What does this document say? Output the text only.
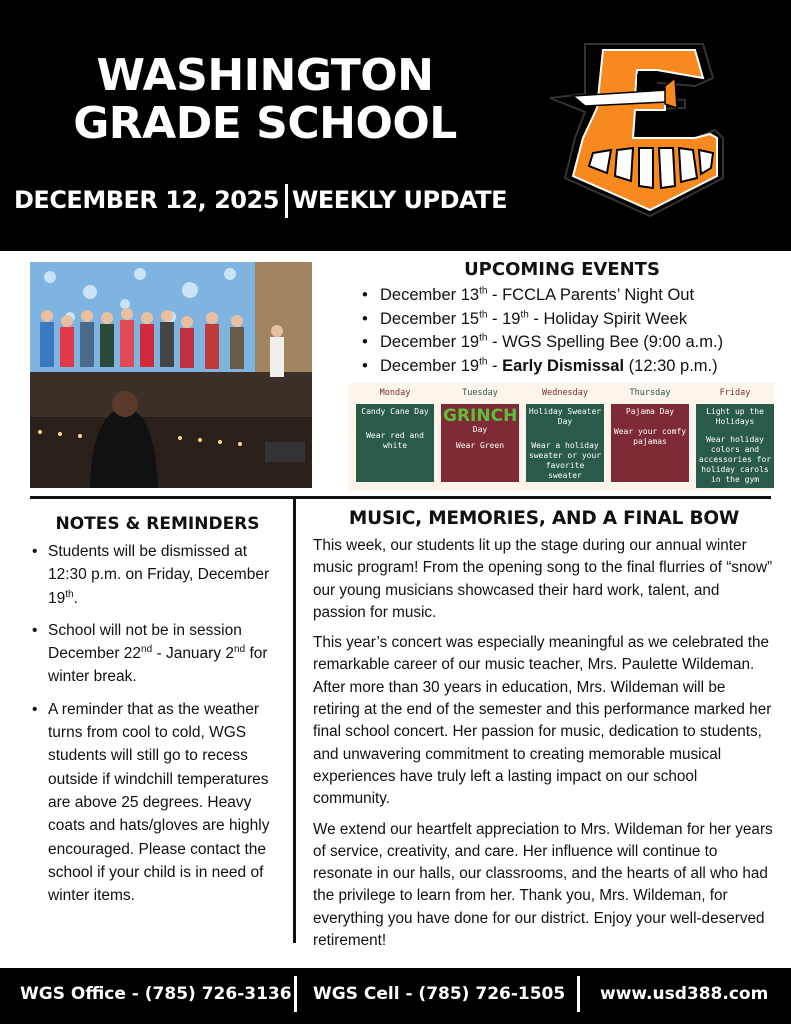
WASHINGTON
GRADE SCHOOL
DECEMBER 12, 2025 WEEKLY UPDATE
UPCOMING EVENTS
• December 13th - FCCLA Parents’ Night Out
• December 15th - 19th - Holiday Spirit Week
• December 19th - WGS Spelling Bee (9:00 a.m.)
• December 19th - Early Dismissal (12:30 p.m.)
Monday
Candy Cane Day
Wear red and white
Tuesday
GRINCH
Day
Wear Green
Wednesday
Holiday Sweater Day
Wear a holiday sweater or your favorite sweater
Thursday
Pajama Day
Wear your comfy pajamas
Friday
Light up the Holidays
Wear holiday colors and accessories for holiday carols in the gym
NOTES & REMINDERS
• Students will be dismissed at 12:30 p.m. on Friday, December 19th.
• School will not be in session December 22nd - January 2nd for winter break.
• A reminder that as the weather turns from cool to cold, WGS students will still go to recess outside if windchill temperatures are above 25 degrees. Heavy coats and hats/gloves are highly encouraged. Please contact the school if your child is in need of winter items.
MUSIC, MEMORIES, AND A FINAL BOW

This week, our students lit up the stage during our annual winter music program! From the opening song to the final flurries of “snow” our young musicians showcased their hard work, talent, and passion for music.

This year’s concert was especially meaningful as we celebrated the remarkable career of our music teacher, Mrs. Paulette Wildeman. After more than 30 years in education, Mrs. Wildeman will be retiring at the end of the semester and this performance marked her final school concert. Her passion for music, dedication to students, and unwavering commitment to creating memorable musical experiences have truly left a lasting impact on our school community.

We extend our heartfelt appreciation to Mrs. Wildeman for her years of service, creativity, and care. Her influence will continue to resonate in our halls, our classrooms, and the hearts of all who had the privilege to learn from her. Thank you, Mrs. Wildeman, for everything you have done for our district. Enjoy your well-deserved retirement!

WGS Office - (785) 726-3136 WGS Cell - (785) 726-1505 www.usd388.com
